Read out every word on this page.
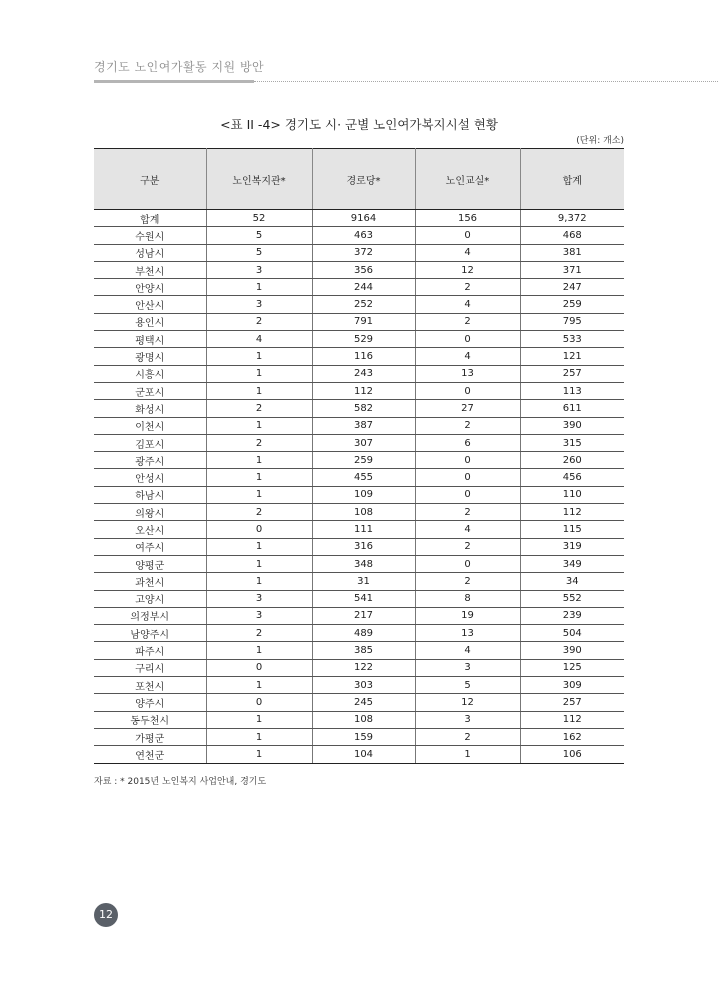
경기도 노인여가활동 지원 방안
<표 II -4> 경기도 시· 군별 노인여가복지시설 현황
(단위: 개소)
구분	노인복지관*	경로당*	노인교실*	합계
합계	52	9164	156	9,372
수원시	5	463	0	468
성남시	5	372	4	381
부천시	3	356	12	371
안양시	1	244	2	247
안산시	3	252	4	259
용인시	2	791	2	795
평택시	4	529	0	533
광명시	1	116	4	121
시흥시	1	243	13	257
군포시	1	112	0	113
화성시	2	582	27	611
이천시	1	387	2	390
김포시	2	307	6	315
광주시	1	259	0	260
안성시	1	455	0	456
하남시	1	109	0	110
의왕시	2	108	2	112
오산시	0	111	4	115
여주시	1	316	2	319
양평군	1	348	0	349
과천시	1	31	2	34
고양시	3	541	8	552
의정부시	3	217	19	239
남양주시	2	489	13	504
파주시	1	385	4	390
구리시	0	122	3	125
포천시	1	303	5	309
양주시	0	245	12	257
동두천시	1	108	3	112
가평군	1	159	2	162
연천군	1	104	1	106
자료 : * 2015년 노인복지 사업안내, 경기도
12
